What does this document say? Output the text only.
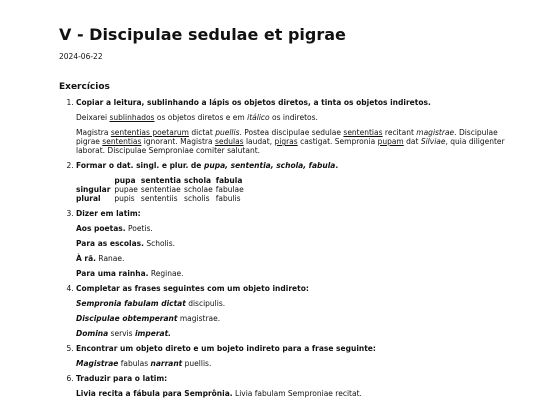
V - Discipulae sedulae et pigrae
2024-06-22
Exercícios
1. Copiar a leitura, sublinhando a lápis os objetos diretos, a tinta os objetos indiretos.
Deixarei sublinhados os objetos diretos e em itálico os indiretos.
Magistra sententias poetarum dictat puellis. Postea discipulae sedulae sententias recitant magistrae. Discipulae pigrae sententias ignorant. Magistra sedulas laudat, pigras castigat. Sempronia pupam dat Silviae, quia diligenter laborat. Discipulae Semproniae comiter salutant.
2. Formar o dat. singl. e plur. de pupa, sententia, schola, fabula.
	pupa	sententia	schola	fabula
singular	pupae	sententiae	scholae	fabulae
plural	pupis	sententiis	scholis	fabulis
3. Dizer em latim:
Aos poetas. Poetis.
Para as escolas. Scholis.
À rã. Ranae.
Para uma rainha. Reginae.
4. Completar as frases seguintes com um objeto indireto:
Sempronia fabulam dictat discipulis.
Discipulae obtemperant magistrae.
Domina servis imperat.
5. Encontrar um objeto direto e um bojeto indireto para a frase seguinte:
Magistrae fabulas narrant puellis.
6. Traduzir para o latim:
Livia recita a fábula para Semprônia. Livia fabulam Semproniae recitat.
